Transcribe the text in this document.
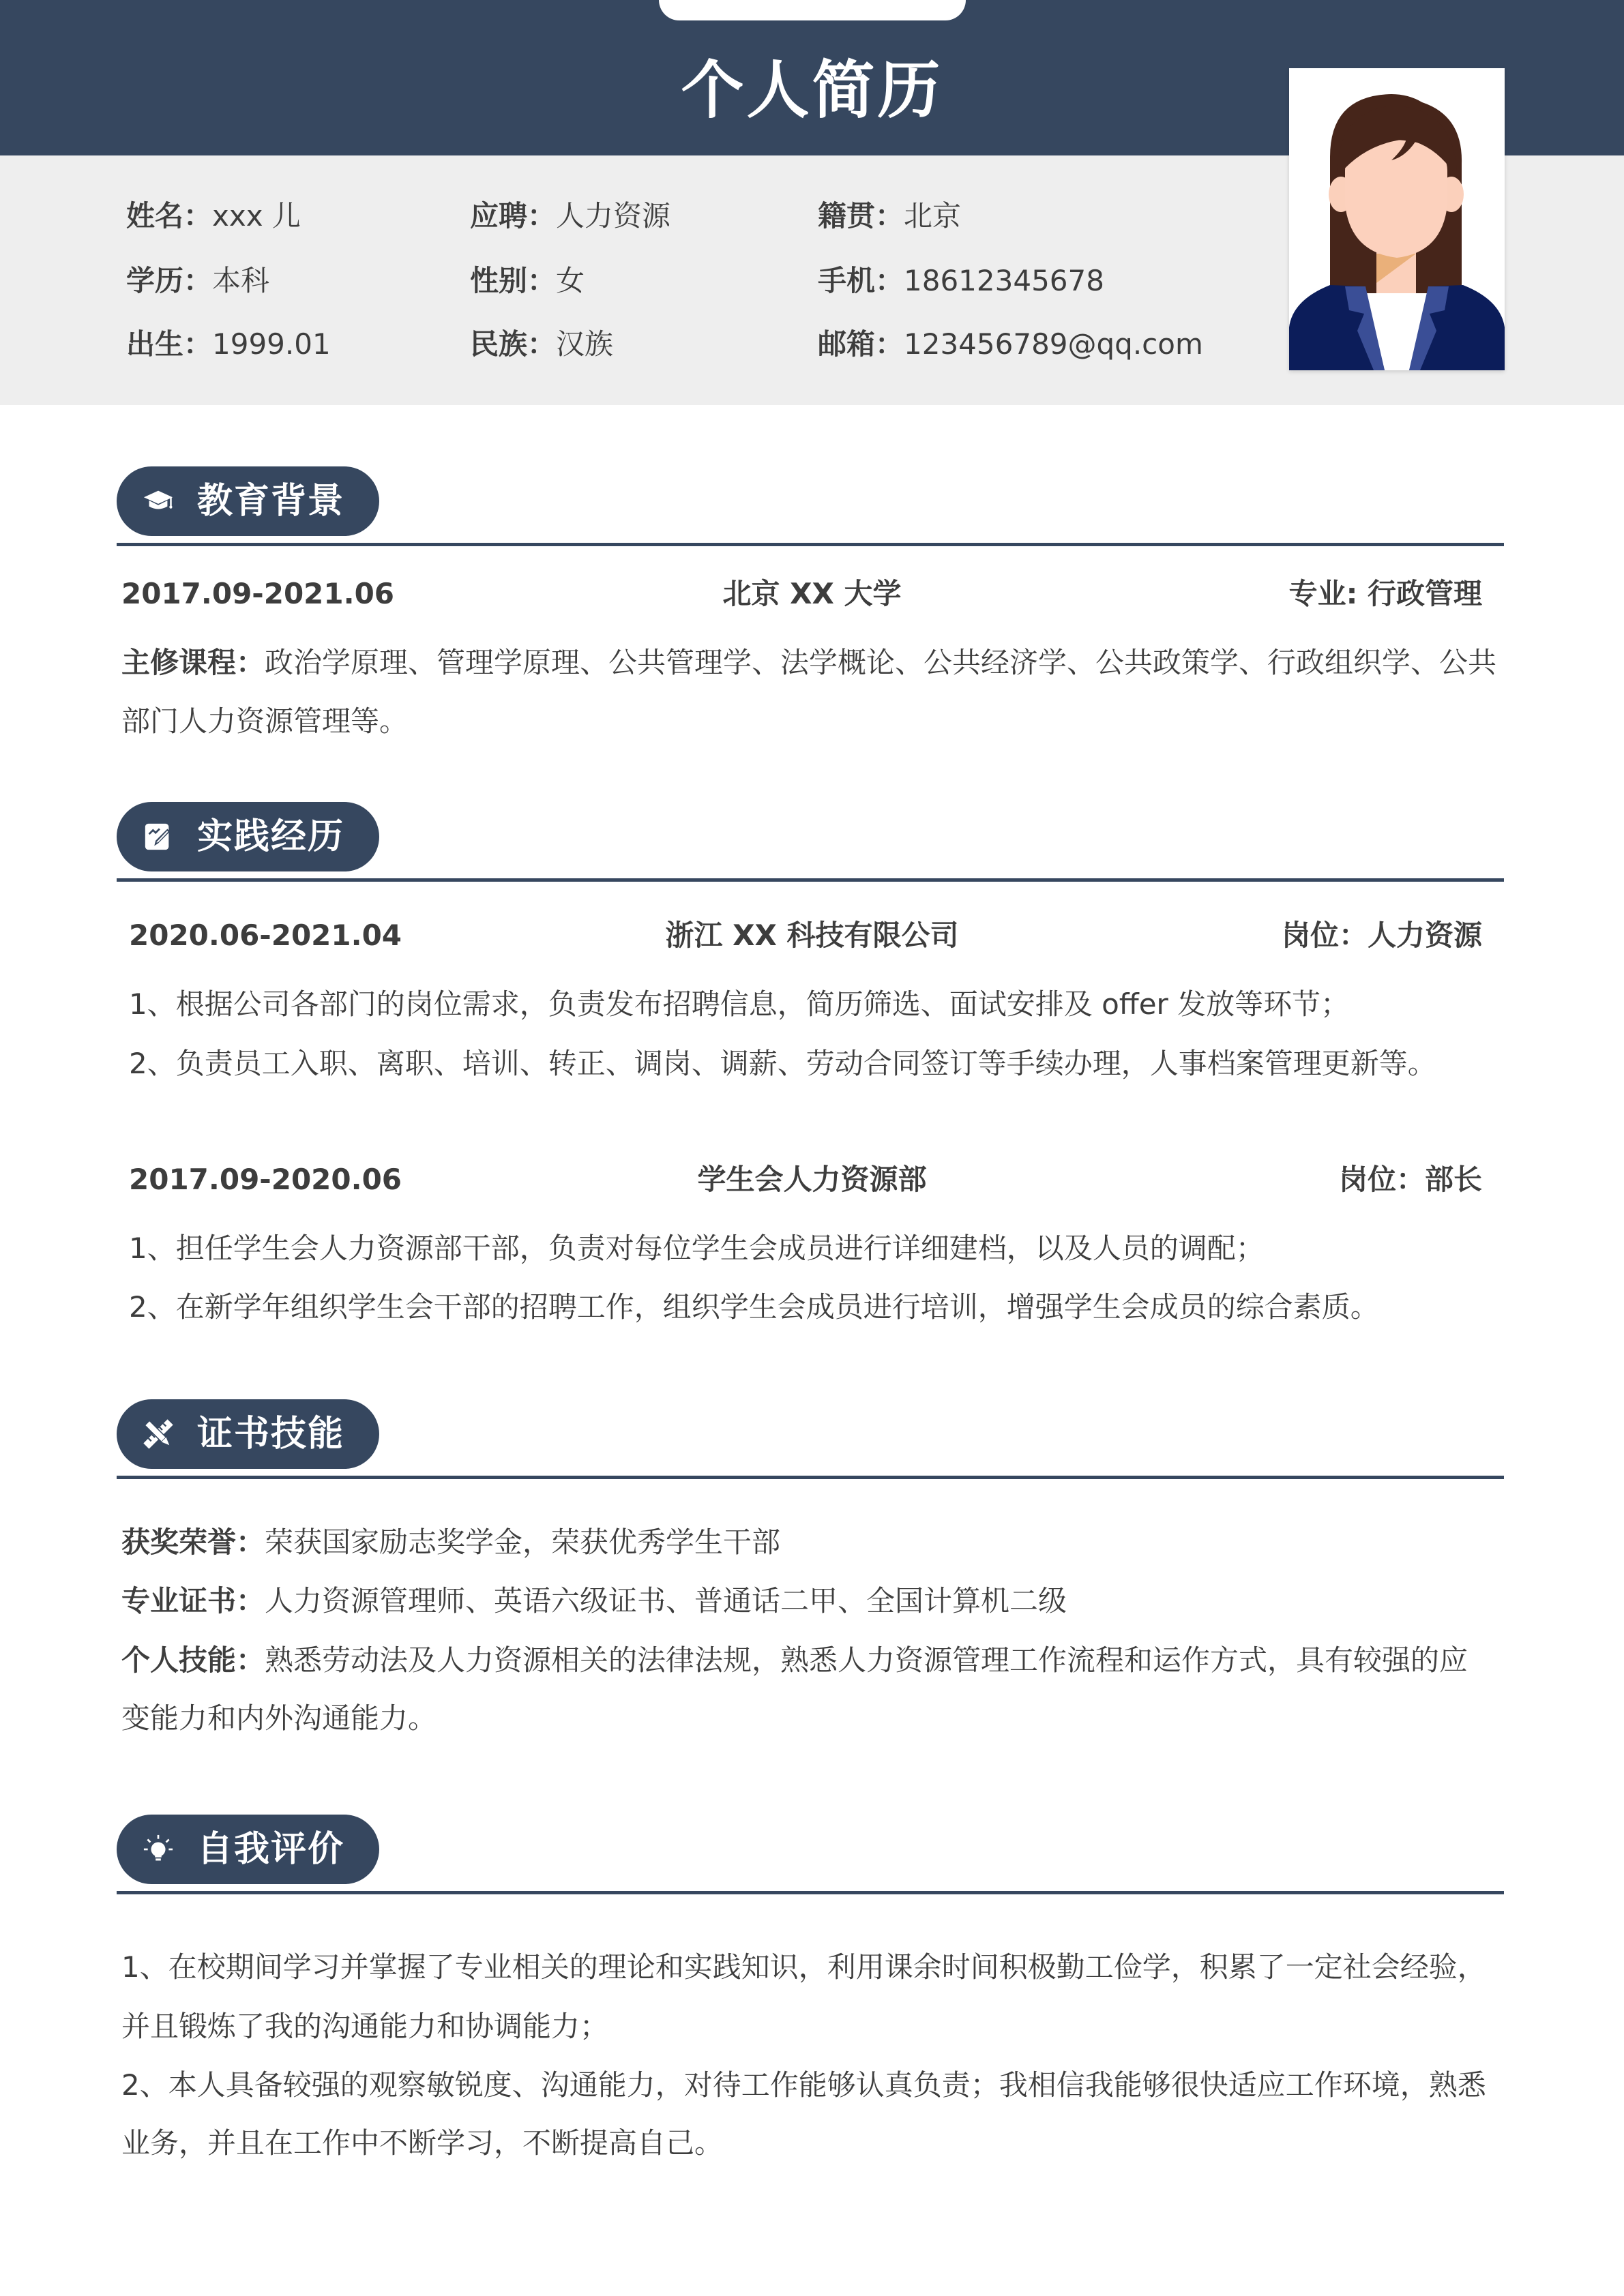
个人简历
姓名：xxx 儿	应聘：人力资源	籍贯：北京
学历：本科	性别：女	手机：18612345678
出生：1999.01	民族：汉族	邮箱：123456789@qq.com
教育背景
2017.09-2021.06	北京 XX 大学	专业: 行政管理
主修课程：政治学原理、管理学原理、公共管理学、法学概论、公共经济学、公共政策学、行政组织学、公共
部门人力资源管理等。
实践经历
2020.06-2021.04	浙江 XX 科技有限公司	岗位：人力资源
1、根据公司各部门的岗位需求，负责发布招聘信息，简历筛选、面试安排及 offer 发放等环节；
2、负责员工入职、离职、培训、转正、调岗、调薪、劳动合同签订等手续办理，人事档案管理更新等。
2017.09-2020.06	学生会人力资源部	岗位：部长
1、担任学生会人力资源部干部，负责对每位学生会成员进行详细建档，以及人员的调配；
2、在新学年组织学生会干部的招聘工作，组织学生会成员进行培训，增强学生会成员的综合素质。
证书技能
获奖荣誉：荣获国家励志奖学金，荣获优秀学生干部
专业证书：人力资源管理师、英语六级证书、普通话二甲、全国计算机二级
个人技能：熟悉劳动法及人力资源相关的法律法规，熟悉人力资源管理工作流程和运作方式，具有较强的应
变能力和内外沟通能力。
自我评价
1、在校期间学习并掌握了专业相关的理论和实践知识，利用课余时间积极勤工俭学，积累了一定社会经验，
并且锻炼了我的沟通能力和协调能力；
2、本人具备较强的观察敏锐度、沟通能力，对待工作能够认真负责；我相信我能够很快适应工作环境，熟悉
业务，并且在工作中不断学习，不断提高自己。
